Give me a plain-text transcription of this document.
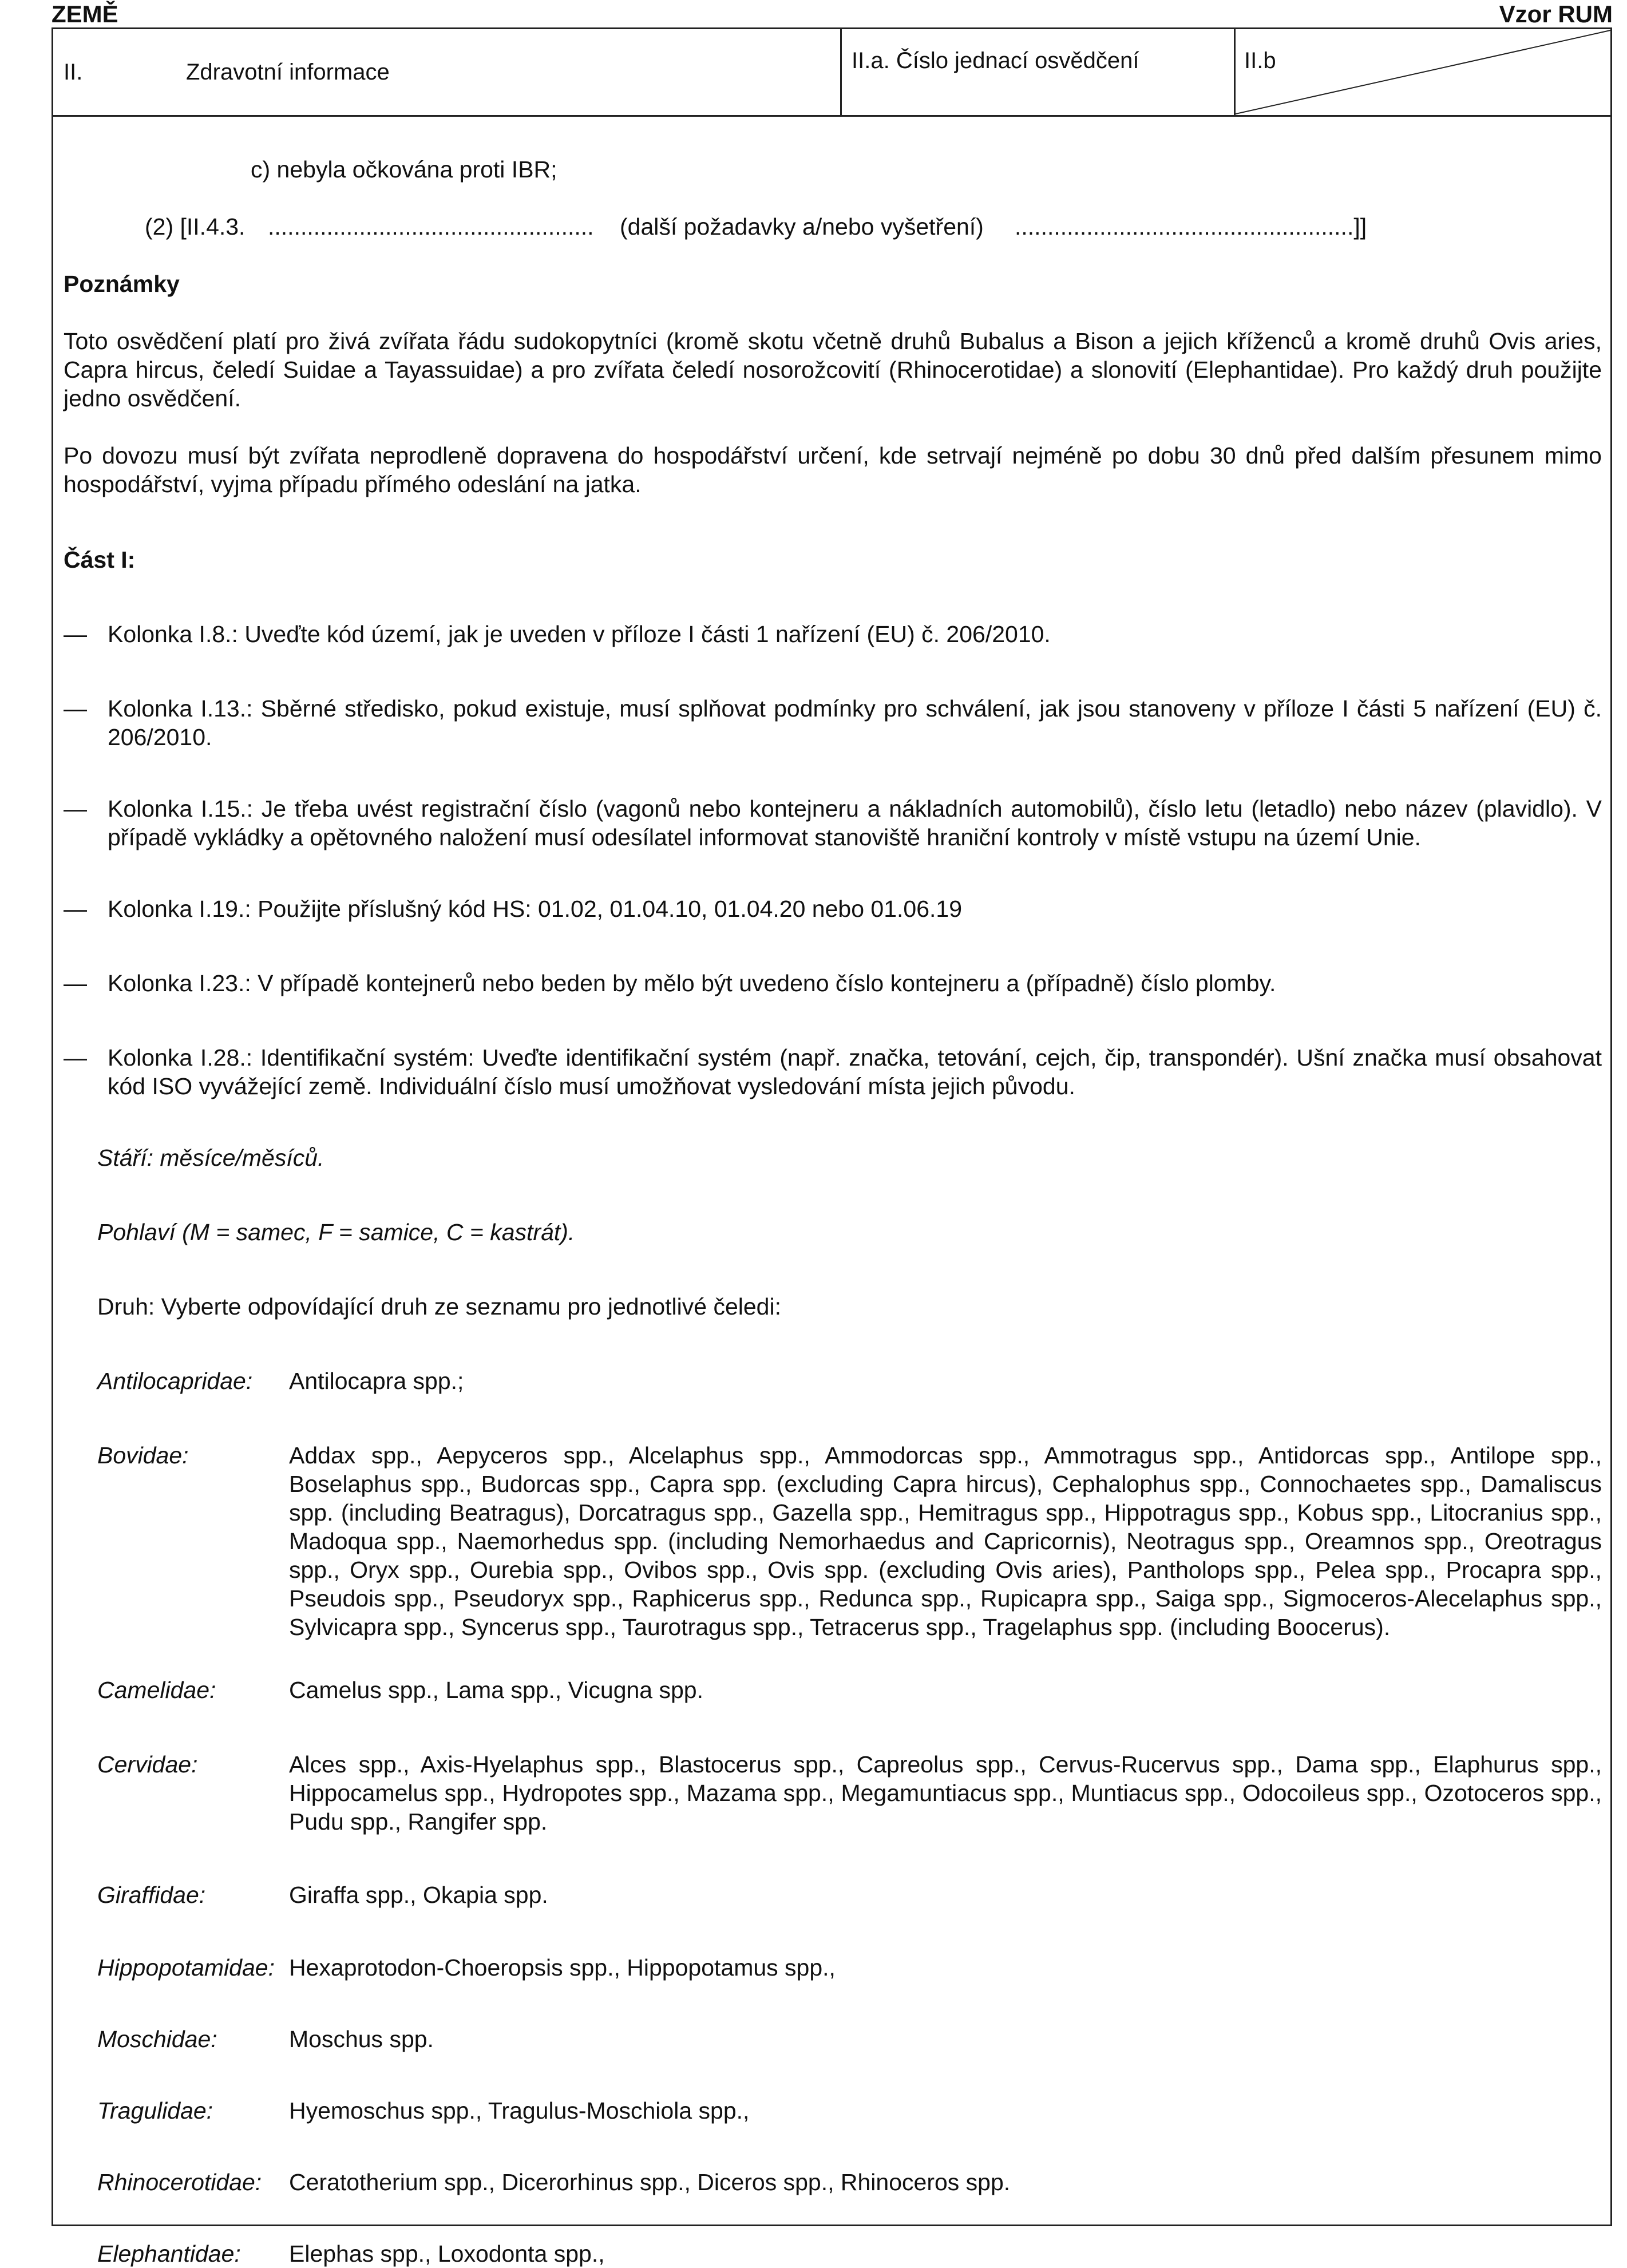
ZEMĚ	Vzor RUM
II.	Zdravotní informace	II.a. Číslo jednací osvědčení	II.b
c) nebyla očkována proti IBR;
(2) [II.4.3. .................................................. (další požadavky a/nebo vyšetření) ....................................................]]
Poznámky

Toto osvědčení platí pro živá zvířata řádu sudokopytníci (kromě skotu včetně druhů Bubalus a Bison a jejich kříženců a kromě druhů Ovis aries, Capra hircus, čeledí Suidae a Tayassuidae) a pro zvířata čeledí nosorožcovití (Rhinocerotidae) a slonovití (Elephantidae). Pro každý druh použijte jedno osvědčení.

Po dovozu musí být zvířata neprodleně dopravena do hospodářství určení, kde setrvají nejméně po dobu 30 dnů před dalším přesunem mimo hospodářství, vyjma případu přímého odeslání na jatka.

Část I:
— Kolonka I.8.: Uveďte kód území, jak je uveden v příloze I části 1 nařízení (EU) č. 206/2010.

— Kolonka I.13.: Sběrné středisko, pokud existuje, musí splňovat podmínky pro schválení, jak jsou stanoveny v příloze I části 5 nařízení (EU) č. 206/2010.

— Kolonka I.15.: Je třeba uvést registrační číslo (vagonů nebo kontejneru a nákladních automobilů), číslo letu (letadlo) nebo název (plavidlo). V případě vykládky a opětovného naložení musí odesílatel informovat stanoviště hraniční kontroly v místě vstupu na území Unie.

— Kolonka I.19.: Použijte příslušný kód HS: 01.02, 01.04.10, 01.04.20 nebo 01.06.19

— Kolonka I.23.: V případě kontejnerů nebo beden by mělo být uvedeno číslo kontejneru a (případně) číslo plomby.

— Kolonka I.28.: Identifikační systém: Uveďte identifikační systém (např. značka, tetování, cejch, čip, transpondér). Ušní značka musí obsahovat kód ISO vyvážející země. Individuální číslo musí umožňovat vysledování místa jejich původu.

Stáří: měsíce/měsíců.
Pohlaví (M = samec, F = samice, C = kastrát).
Druh: Vyberte odpovídající druh ze seznamu pro jednotlivé čeledi:
Antilocapridae: Antilocapra spp.;

Bovidae:	Addax spp., Aepyceros spp., Alcelaphus spp., Ammodorcas spp., Ammotragus spp., Antidorcas spp., Antilope spp., Boselaphus spp., Budorcas spp., Capra spp. (excluding Capra hircus), Cephalophus spp., Connochaetes spp., Damaliscus spp. (including Beatragus), Dorcatragus spp., Gazella spp., Hemitragus spp., Hippotragus spp., Kobus spp., Litocranius spp., Madoqua spp., Naemorhedus spp. (including Nemorhaedus and Capricornis), Neotragus spp., Oreamnos spp., Oreotragus spp., Oryx spp., Ourebia spp., Ovibos spp., Ovis spp. (excluding Ovis aries), Pantholops spp., Pelea spp., Procapra spp., Pseudois spp., Pseudoryx spp., Raphicerus spp., Redunca spp., Rupicapra spp., Saiga spp., Sigmoceros-Alecelaphus spp., Sylvicapra spp., Syncerus spp., Taurotragus spp., Tetracerus spp., Tragelaphus spp. (including Boocerus).

Camelidae:	Camelus spp., Lama spp., Vicugna spp.

Cervidae:	Alces spp., Axis-Hyelaphus spp., Blastocerus spp., Capreolus spp., Cervus-Rucervus spp., Dama spp., Elaphurus spp., Hippocamelus spp., Hydropotes spp., Mazama spp., Megamuntiacus spp., Muntiacus spp., Odocoileus spp., Ozotoceros spp., Pudu spp., Rangifer spp.

Giraffidae:	Giraffa spp., Okapia spp.

Hippopotamidae: Hexaprotodon-Choeropsis spp., Hippopotamus spp.,

Moschidae:	Moschus spp.

Tragulidae:	Hyemoschus spp., Tragulus-Moschiola spp.,

Rhinocerotidae: Ceratotherium spp., Dicerorhinus spp., Diceros spp., Rhinoceros spp.

Elephantidae: Elephas spp., Loxodonta spp.,
